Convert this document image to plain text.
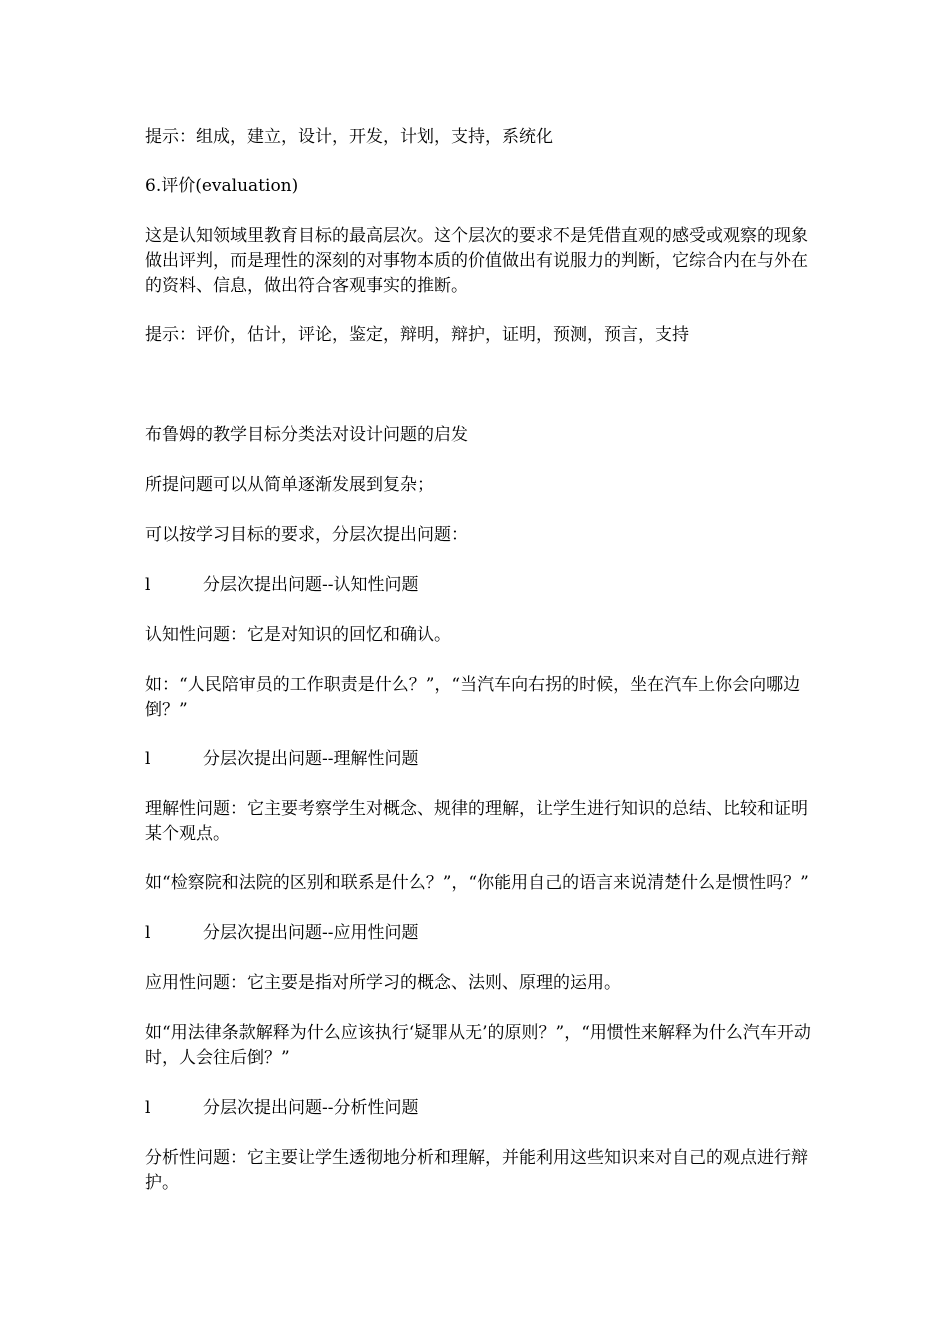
提示：组成，建立，设计，开发，计划，支持，系统化

6.评价(evaluation)

这是认知领域里教育目标的最高层次。这个层次的要求不是凭借直观的感受或观察的现象做出评判，而是理性的深刻的对事物本质的价值做出有说服力的判断，它综合内在与外在的资料、信息，做出符合客观事实的推断。

提示：评价，估计，评论，鉴定，辩明，辩护，证明，预测，预言，支持

布鲁姆的教学目标分类法对设计问题的启发

所提问题可以从简单逐渐发展到复杂；

可以按学习目标的要求，分层次提出问题：

l	分层次提出问题--认知性问题

认知性问题：它是对知识的回忆和确认。

如：“人民陪审员的工作职责是什么？”，“当汽车向右拐的时候，坐在汽车上你会向哪边倒？”

l	分层次提出问题--理解性问题

理解性问题：它主要考察学生对概念、规律的理解，让学生进行知识的总结、比较和证明某个观点。

如“检察院和法院的区别和联系是什么？”，“你能用自己的语言来说清楚什么是惯性吗？”

l	分层次提出问题--应用性问题

应用性问题：它主要是指对所学习的概念、法则、原理的运用。

如“用法律条款解释为什么应该执行‘疑罪从无’的原则？”，“用惯性来解释为什么汽车开动时，人会往后倒？”

l	分层次提出问题--分析性问题

分析性问题：它主要让学生透彻地分析和理解，并能利用这些知识来对自己的观点进行辩护。
